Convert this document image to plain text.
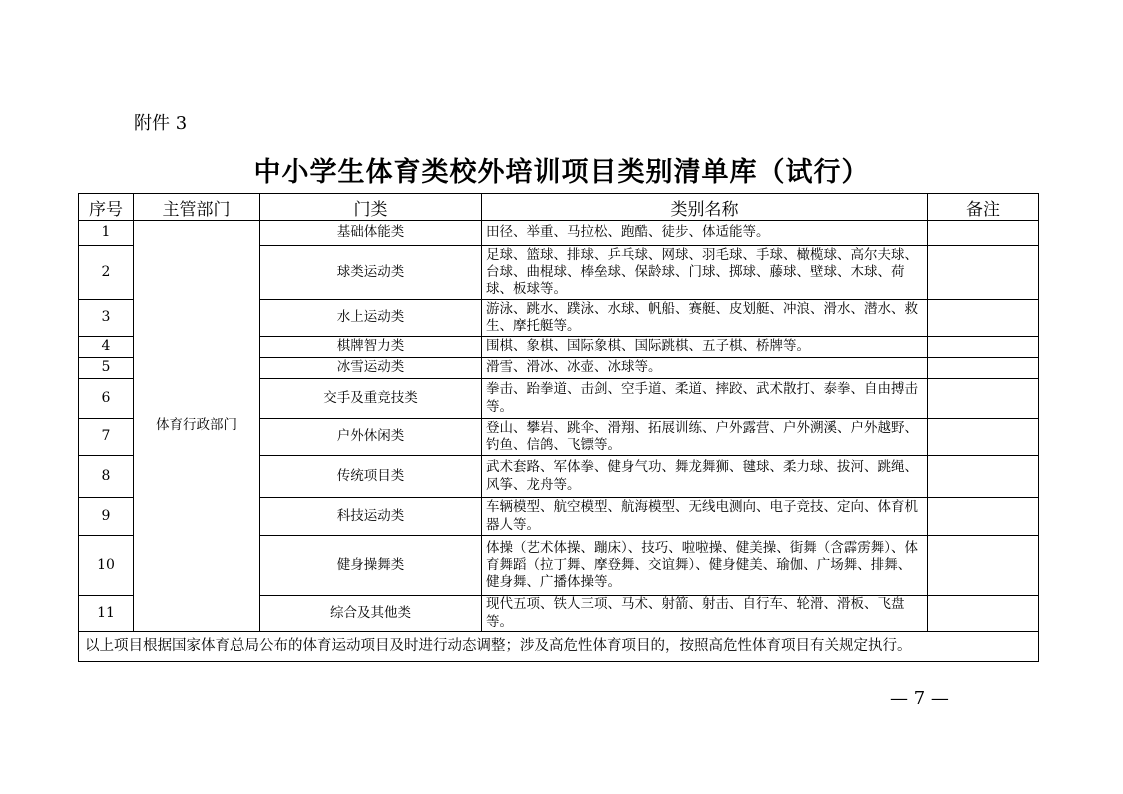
附件 3
中小学生体育类校外培训项目类别清单库（试行）
序号	主管部门	门类	类别名称	备注
1	体育行政部门	基础体能类	田径、举重、马拉松、跑酷、徒步、体适能等。	
2		球类运动类	足球、篮球、排球、乒乓球、网球、羽毛球、手球、橄榄球、高尔夫球、台球、曲棍球、棒垒球、保龄球、门球、掷球、藤球、壁球、木球、荷球、板球等。	
3		水上运动类	游泳、跳水、蹼泳、水球、帆船、赛艇、皮划艇、冲浪、滑水、潜水、救生、摩托艇等。	
4		棋牌智力类	围棋、象棋、国际象棋、国际跳棋、五子棋、桥牌等。	
5		冰雪运动类	滑雪、滑冰、冰壶、冰球等。	
6		交手及重竞技类	拳击、跆拳道、击剑、空手道、柔道、摔跤、武术散打、泰拳、自由搏击等。	
7		户外休闲类	登山、攀岩、跳伞、滑翔、拓展训练、户外露营、户外溯溪、户外越野、钓鱼、信鸽、飞镖等。	
8		传统项目类	武术套路、军体拳、健身气功、舞龙舞狮、毽球、柔力球、拔河、跳绳、风筝、龙舟等。	
9		科技运动类	车辆模型、航空模型、航海模型、无线电测向、电子竞技、定向、体育机器人等。	
10		健身操舞类	体操（艺术体操、蹦床）、技巧、啦啦操、健美操、街舞（含霹雳舞）、体育舞蹈（拉丁舞、摩登舞、交谊舞）、健身健美、瑜伽、广场舞、排舞、健身舞、广播体操等。	
11		综合及其他类	现代五项、铁人三项、马术、射箭、射击、自行车、轮滑、滑板、飞盘等。	
以上项目根据国家体育总局公布的体育运动项目及时进行动态调整；涉及高危性体育项目的，按照高危性体育项目有关规定执行。				
— 7 —
